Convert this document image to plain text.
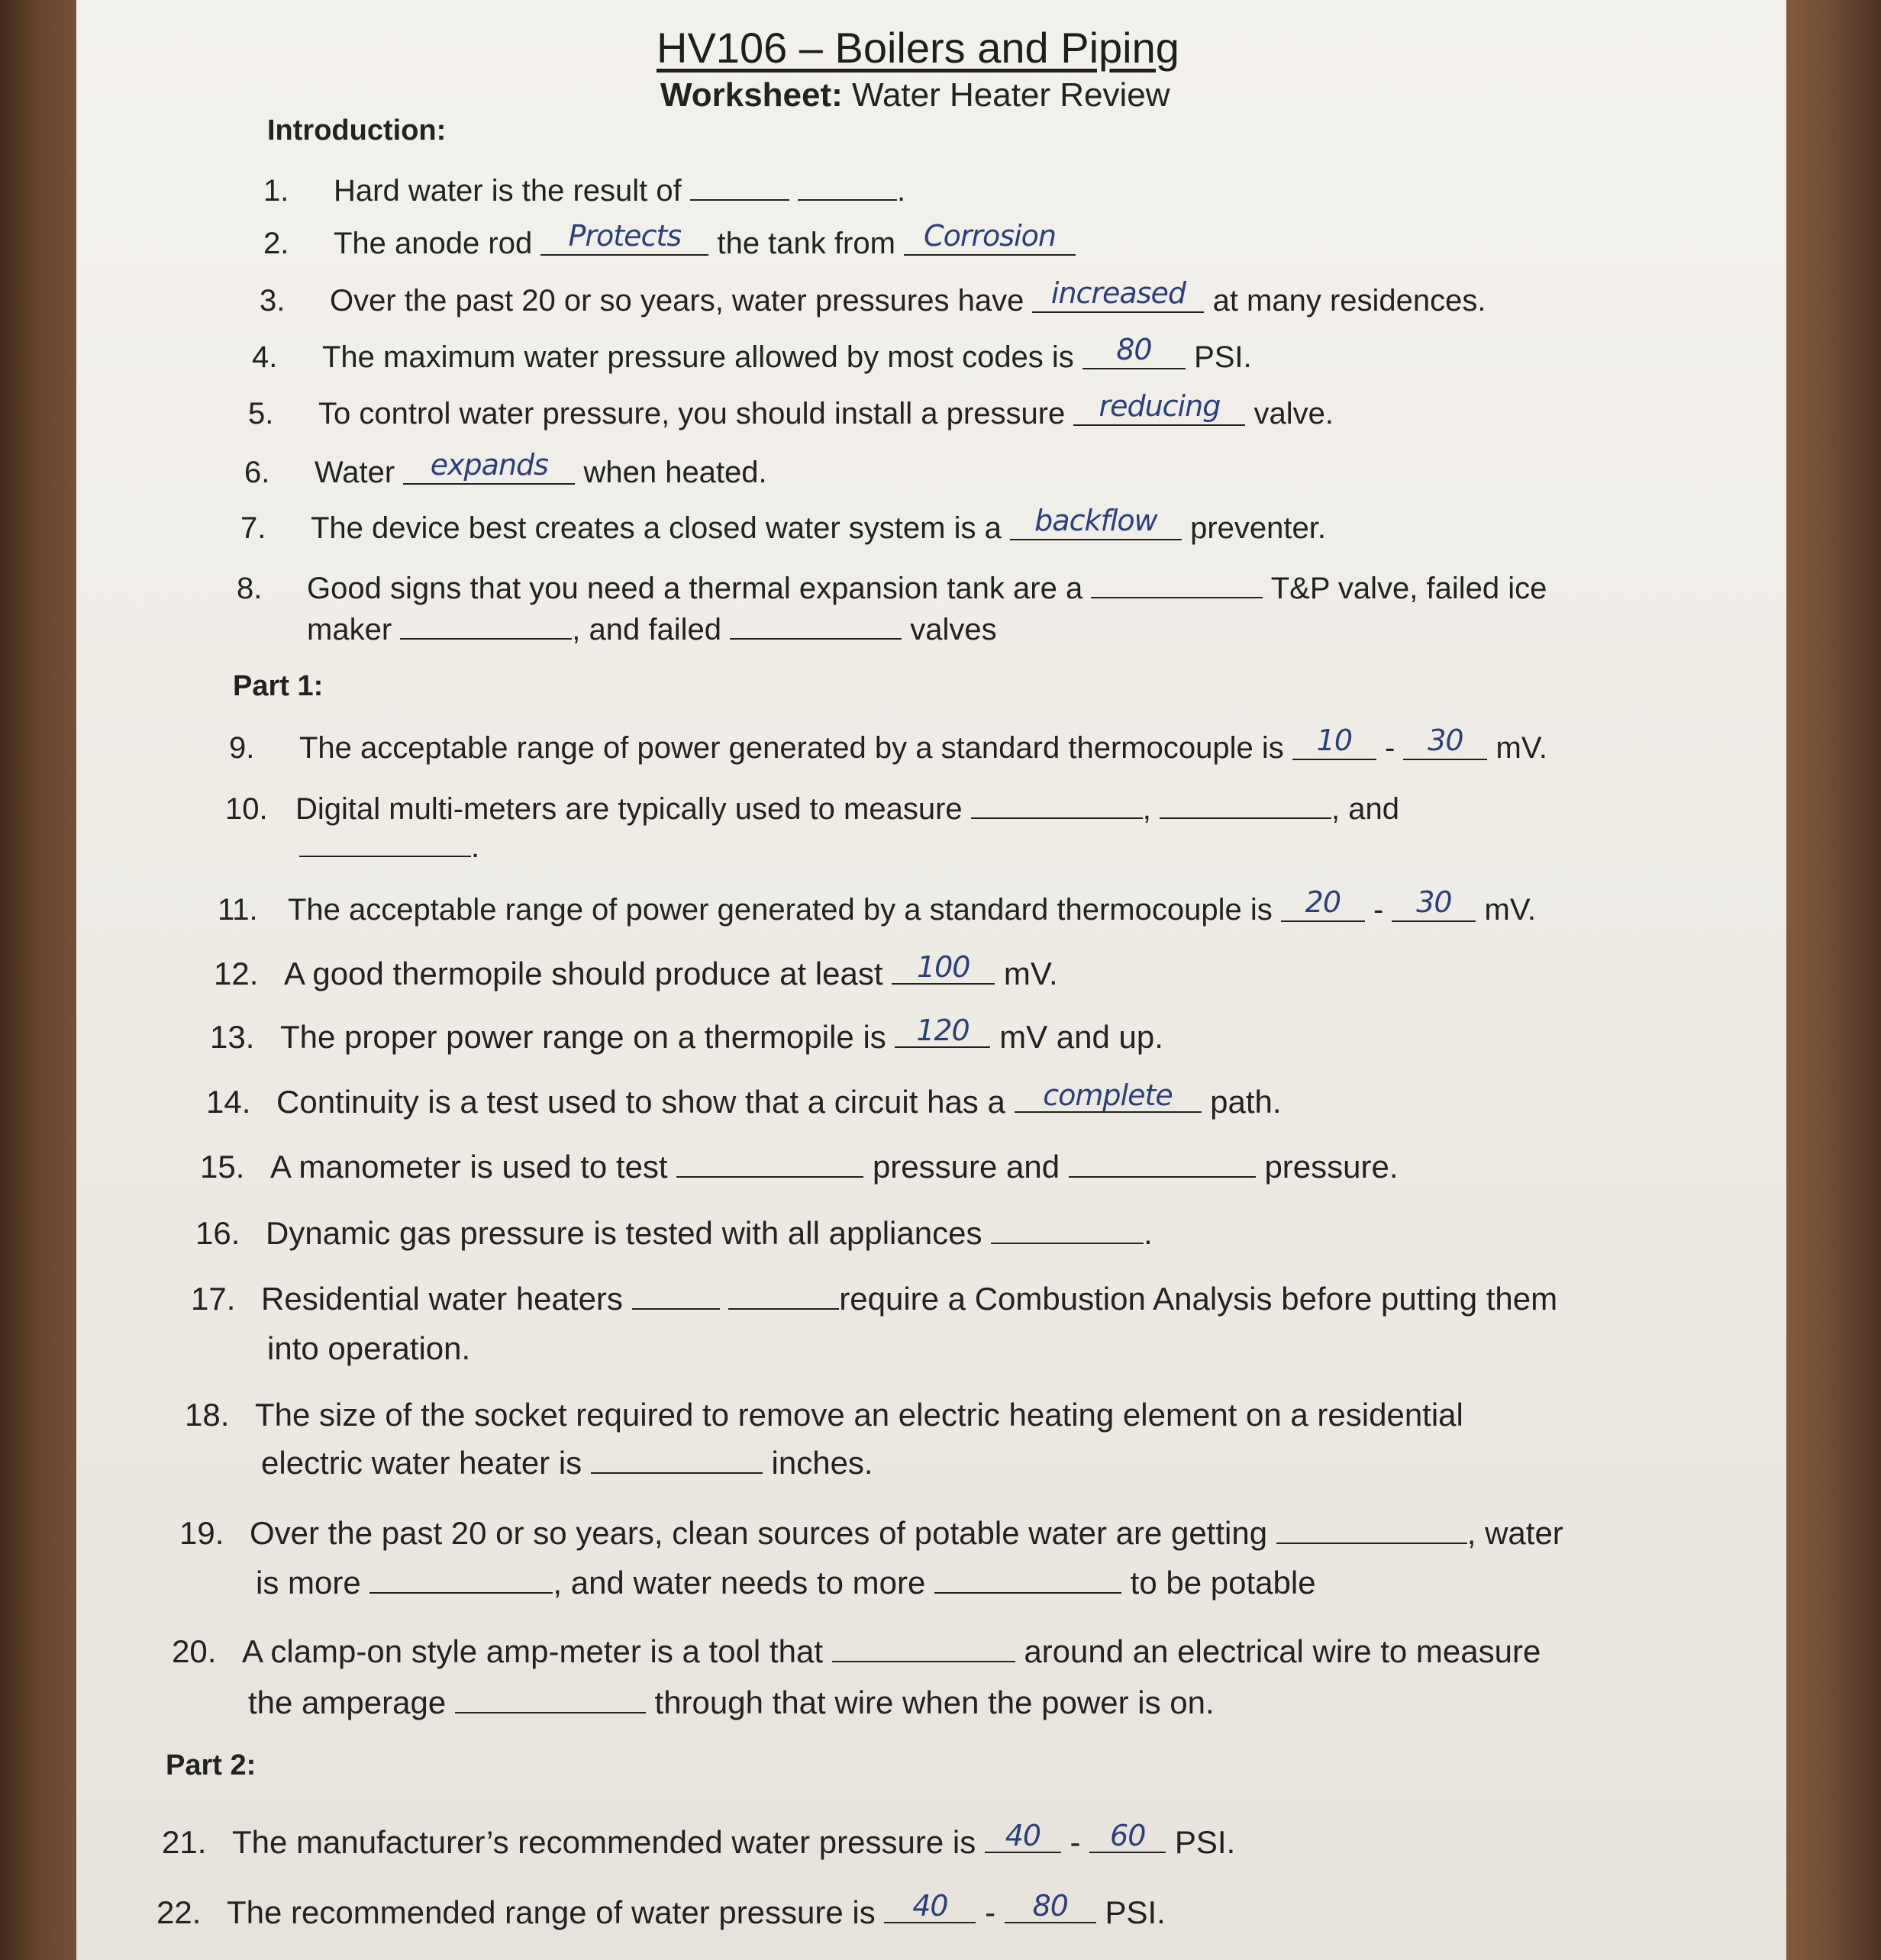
HV106 – Boilers and Piping
Worksheet: Water Heater Review
Introduction:
1. Hard water is the result of	.
2. The anode rod Protects the tank from Corrosion
3. Over the past 20 or so years, water pressures have increased at many residences.
4. The maximum water pressure allowed by most codes is 80 PSI.
5. To control water pressure, you should install a pressure reducing valve.
6. Water expands when heated.
7. The device best creates a closed water system is a backflow preventer.
8. Good signs that you need a thermal expansion tank are a	T&P valve, failed ice
maker	, and failed	valves
Part 1:
9. The acceptable range of power generated by a standard thermocouple is 10 - 30 mV.
10. Digital multi-meters are typically used to measure	,	, and
.
11. The acceptable range of power generated by a standard thermocouple is 20 - 30 mV.
12. A good thermopile should produce at least 100 mV.
13. The proper power range on a thermopile is 120 mV and up.
14. Continuity is a test used to show that a circuit has a complete path.
15. A manometer is used to test	pressure and	pressure.
16. Dynamic gas pressure is tested with all appliances	.
17. Residential water heaters	require a Combustion Analysis before putting them
into operation.
18. The size of the socket required to remove an electric heating element on a residential
electric water heater is	inches.
19. Over the past 20 or so years, clean sources of potable water are getting	, water
is more	, and water needs to more	to be potable
20. A clamp-on style amp-meter is a tool that	around an electrical wire to measure
the amperage	through that wire when the power is on.
Part 2:
21. The manufacturer’s recommended water pressure is 40 - 60 PSI.
22. The recommended range of water pressure is 40 - 80 PSI.
